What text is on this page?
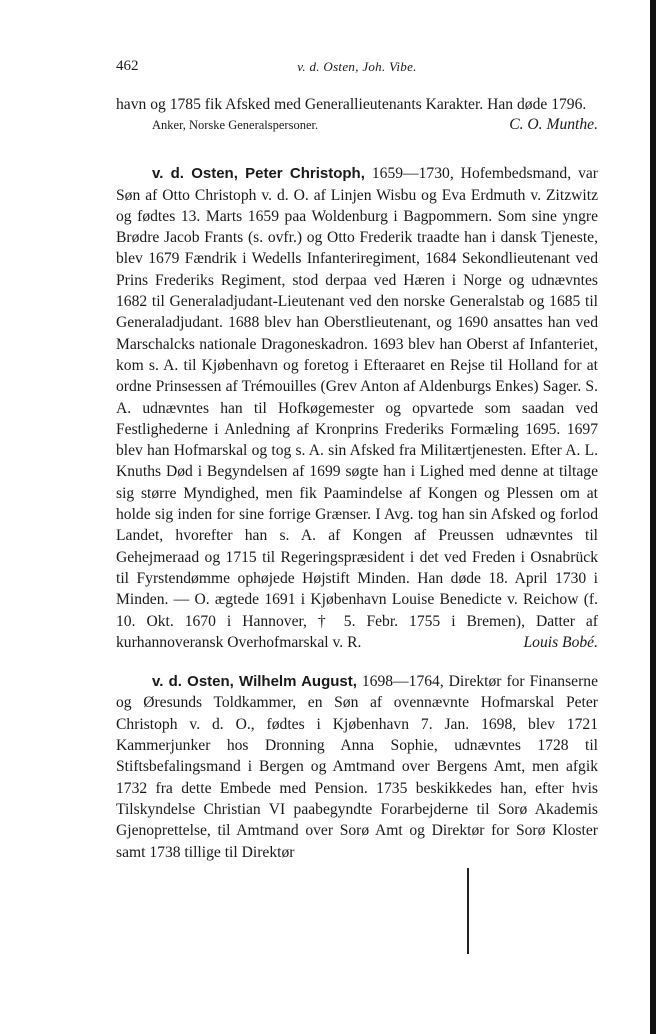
462	v. d. Osten, Joh. Vibe.

havn og 1785 fik Afsked med Generallieutenants Karakter. Han døde 1796.

Anker, Norske Generalspersoner.	C. O. Munthe.

v. d. Osten, Peter Christoph, 1659—1730, Hofembedsmand, var Søn af Otto Christoph v. d. O. af Linjen Wisbu og Eva Erdmuth v. Zitzwitz og fødtes 13. Marts 1659 paa Woldenburg i Bagpommern. Som sine yngre Brødre Jacob Frants (s. ovfr.) og Otto Frederik traadte han i dansk Tjeneste, blev 1679 Fændrik i Wedells Infanteriregiment, 1684 Sekondlieutenant ved Prins Frederiks Regiment, stod derpaa ved Hæren i Norge og udnævntes 1682 til Generaladjudant-Lieutenant ved den norske Generalstab og 1685 til Generaladjudant. 1688 blev han Oberstlieutenant, og 1690 ansattes han ved Marschalcks nationale Dragoneskadron. 1693 blev han Oberst af Infanteriet, kom s. A. til Kjøbenhavn og foretog i Efteraaret en Rejse til Holland for at ordne Prinsessen af Trémouilles (Grev Anton af Aldenburgs Enkes) Sager. S. A. udnævntes han til Hofkøgemester og opvartede som saadan ved Festlighederne i Anledning af Kronprins Frederiks Formæling 1695. 1697 blev han Hofmarskal og tog s. A. sin Afsked fra Militærtjenesten. Efter A. L. Knuths Død i Begyndelsen af 1699 søgte han i Lighed med denne at tiltage sig større Myndighed, men fik Paamindelse af Kongen og Plessen om at holde sig inden for sine forrige Grænser. I Avg. tog han sin Afsked og forlod Landet, hvorefter han s. A. af Kongen af Preussen udnævntes til Gehejmeraad og 1715 til Regeringspræsident i det ved Freden i Osnabrück til Fyrstendømme ophøjede Højstift Minden. Han døde 18. April 1730 i Minden. — O. ægtede 1691 i Kjøbenhavn Louise Benedicte v. Reichow (f. 10. Okt. 1670 i Hannover, † 5. Febr. 1755 i Bremen), Datter af kurhannoveransk Overhofmarskal v. R.	Louis Bobé.

v. d. Osten, Wilhelm August, 1698—1764, Direktør for Finanserne og Øresunds Toldkammer, en Søn af ovennævnte Hofmarskal Peter Christoph v. d. O., fødtes i Kjøbenhavn 7. Jan. 1698, blev 1721 Kammerjunker hos Dronning Anna Sophie, udnævntes 1728 til Stiftsbefalingsmand i Bergen og Amtmand over Bergens Amt, men afgik 1732 fra dette Embede med Pension. 1735 beskikkedes han, efter hvis Tilskyndelse Christian VI paabegyndte Forarbejderne til Sorø Akademis Gjenoprettelse, til Amtmand over Sorø Amt og Direktør for Sorø Kloster samt 1738 tillige til Direktør
